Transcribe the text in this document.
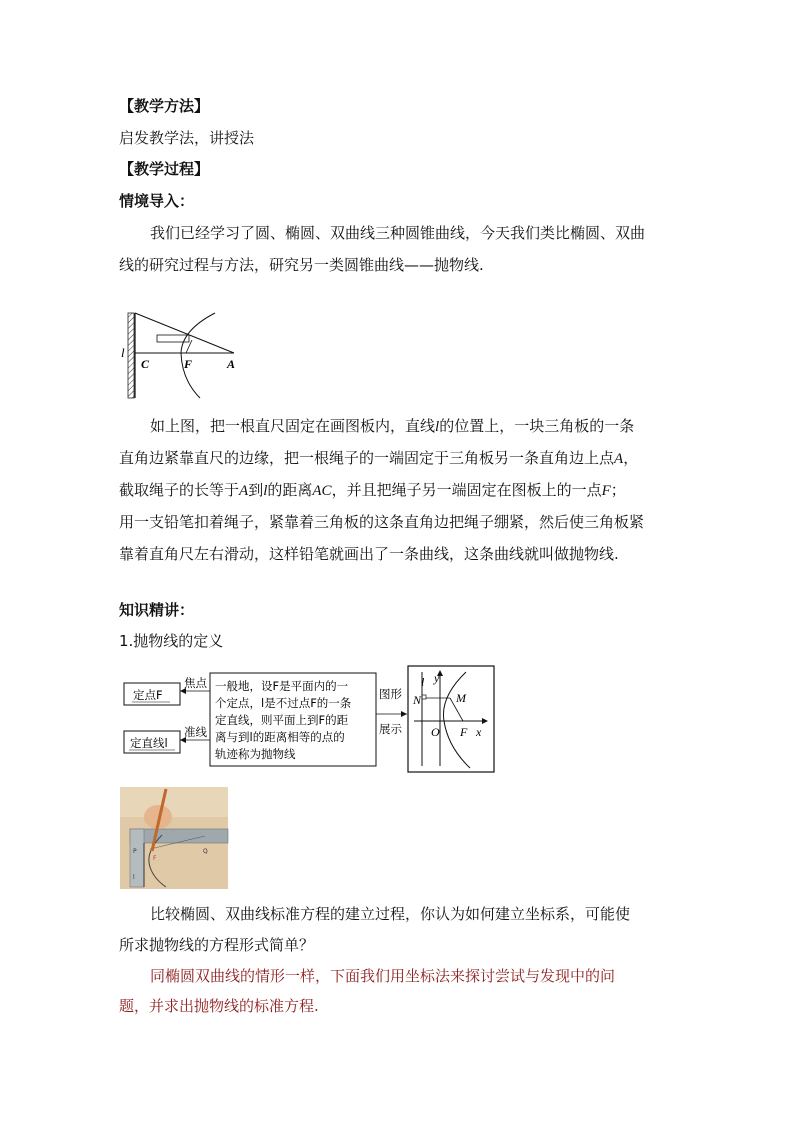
【教学方法】
启发教学法，讲授法
【教学过程】
情境导入：
我们已经学习了圆、椭圆、双曲线三种圆锥曲线，今天我们类比椭圆、双曲
线的研究过程与方法，研究另一类圆锥曲线——抛物线.
l
C	F	A
如上图，把一根直尺固定在画图板内，直线l的位置上，一块三角板的一条
直角边紧靠直尺的边缘，把一根绳子的一端固定于三角板另一条直角边上点A，
截取绳子的长等于A到l的距离AC，并且把绳子另一端固定在图板上的一点F；
用一支铅笔扣着绳子，紧靠着三角板的这条直角边把绳子绷紧，然后使三角板紧
靠着直角尺左右滑动，这样铅笔就画出了一条曲线，这条曲线就叫做抛物线.
知识精讲：
1.抛物线的定义
定点F
定直线l
焦点
准线
一般地，设F是平面内的一
个定点，l是不过点F的一条
定直线，则平面上到F的距
离与到l的距离相等的点的
轨迹称为抛物线
图形
展示
l y
N	M
O F x
P	Q
F
l
比较椭圆、双曲线标准方程的建立过程，你认为如何建立坐标系，可能使
所求抛物线的方程形式简单？
同椭圆双曲线的情形一样，下面我们用坐标法来探讨尝试与发现中的问
题，并求出抛物线的标准方程.
